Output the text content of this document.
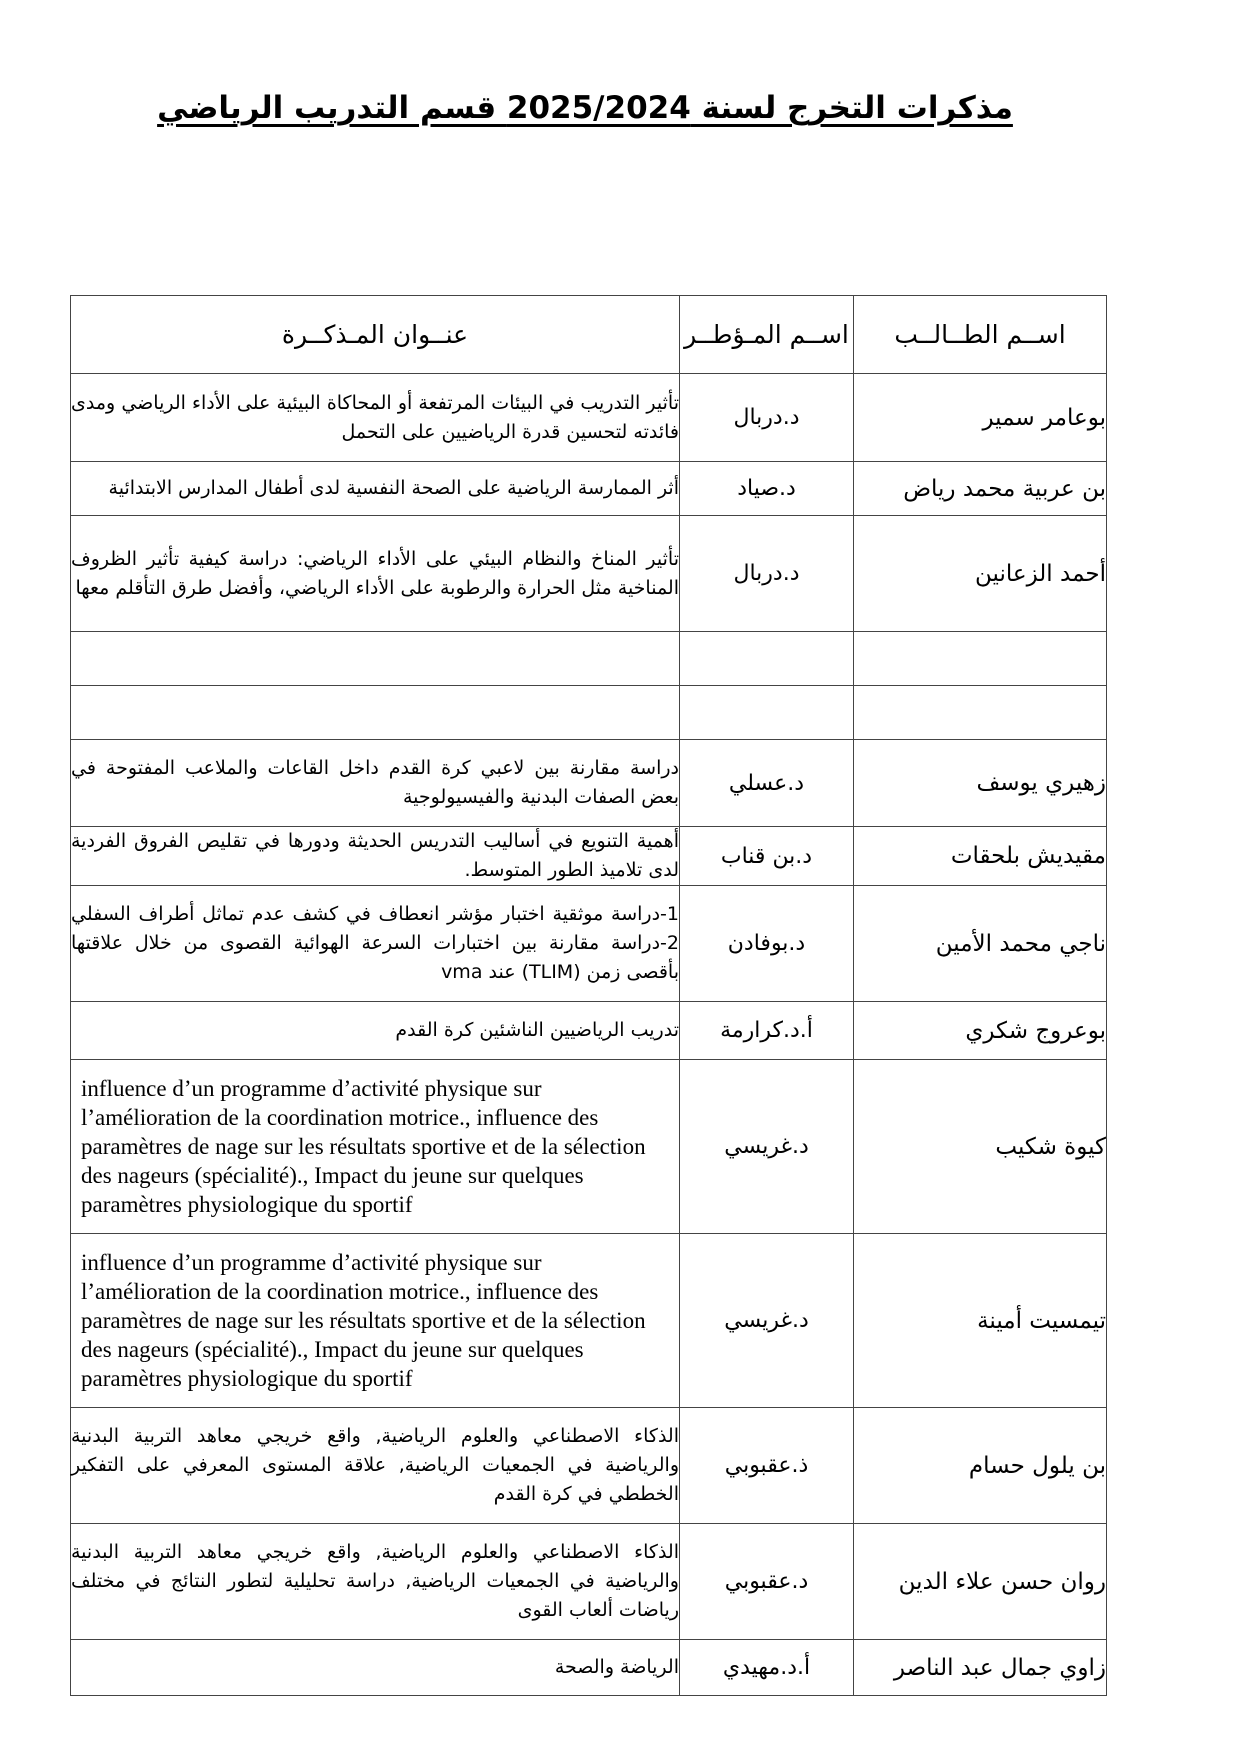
مذكرات التخرج لسنة 2025/2024 قسم التدريب الرياضي
اســم الطــالــب	اســم المـؤطــر	عنــوان المـذكــرة
بوعامر سمير	د.دربال	تأثير التدريب في البيئات المرتفعة أو المحاكاة البيئية على الأداء الرياضي ومدى فائدته لتحسين قدرة الرياضيين على التحمل
بن عربية محمد رياض	د.صياد	أثر الممارسة الرياضية على الصحة النفسية لدى أطفال المدارس الابتدائية
أحمد الزعانين	د.دربال	تأثير المناخ والنظام البيئي على الأداء الرياضي: دراسة كيفية تأثير الظروف المناخية مثل الحرارة والرطوبة على الأداء الرياضي، وأفضل طرق التأقلم معها

زهيري يوسف	د.عسلي	دراسة مقارنة بين لاعبي كرة القدم داخل القاعات والملاعب المفتوحة في بعض الصفات البدنية والفيسيولوجية
مقيديش بلحقات	د.بن قناب	أهمية التنويع في أساليب التدريس الحديثة ودورها في تقليص الفروق الفردية لدى تلاميذ الطور المتوسط.
ناجي محمد الأمين	د.بوفادن	1-دراسة موثقية اختبار مؤشر انعطاف في كشف عدم تماثل أطراف السفلي 2-دراسة مقارنة بين اختبارات السرعة الهوائية القصوى من خلال علاقتها بأقصى زمن (TLIM) عند vma
بوعروج شكري	أ.د.كرارمة	تدريب الرياضيين الناشئين كرة القدم
كيوة شكيب	د.غريسي	influence d’un programme d’activité physique sur l’amélioration de la coordination motrice., influence des paramètres de nage sur les résultats sportive et de la sélection des nageurs (spécialité)., Impact du jeune sur quelques paramètres physiologique du sportif
تيمسيت أمينة	د.غريسي	influence d’un programme d’activité physique sur l’amélioration de la coordination motrice., influence des paramètres de nage sur les résultats sportive et de la sélection des nageurs (spécialité)., Impact du jeune sur quelques paramètres physiologique du sportif
بن يلول حسام	ذ.عقبوبي	الذكاء الاصطناعي والعلوم الرياضية, واقع خريجي معاهد التربية البدنية والرياضية في الجمعيات الرياضية, علاقة المستوى المعرفي على التفكير الخططي في كرة القدم
روان حسن علاء الدين	د.عقبوبي	الذكاء الاصطناعي والعلوم الرياضية, واقع خريجي معاهد التربية البدنية والرياضية في الجمعيات الرياضية, دراسة تحليلية لتطور النتائج في مختلف رياضات ألعاب القوى
زاوي جمال عبد الناصر	أ.د.مهيدي	الرياضة والصحة
